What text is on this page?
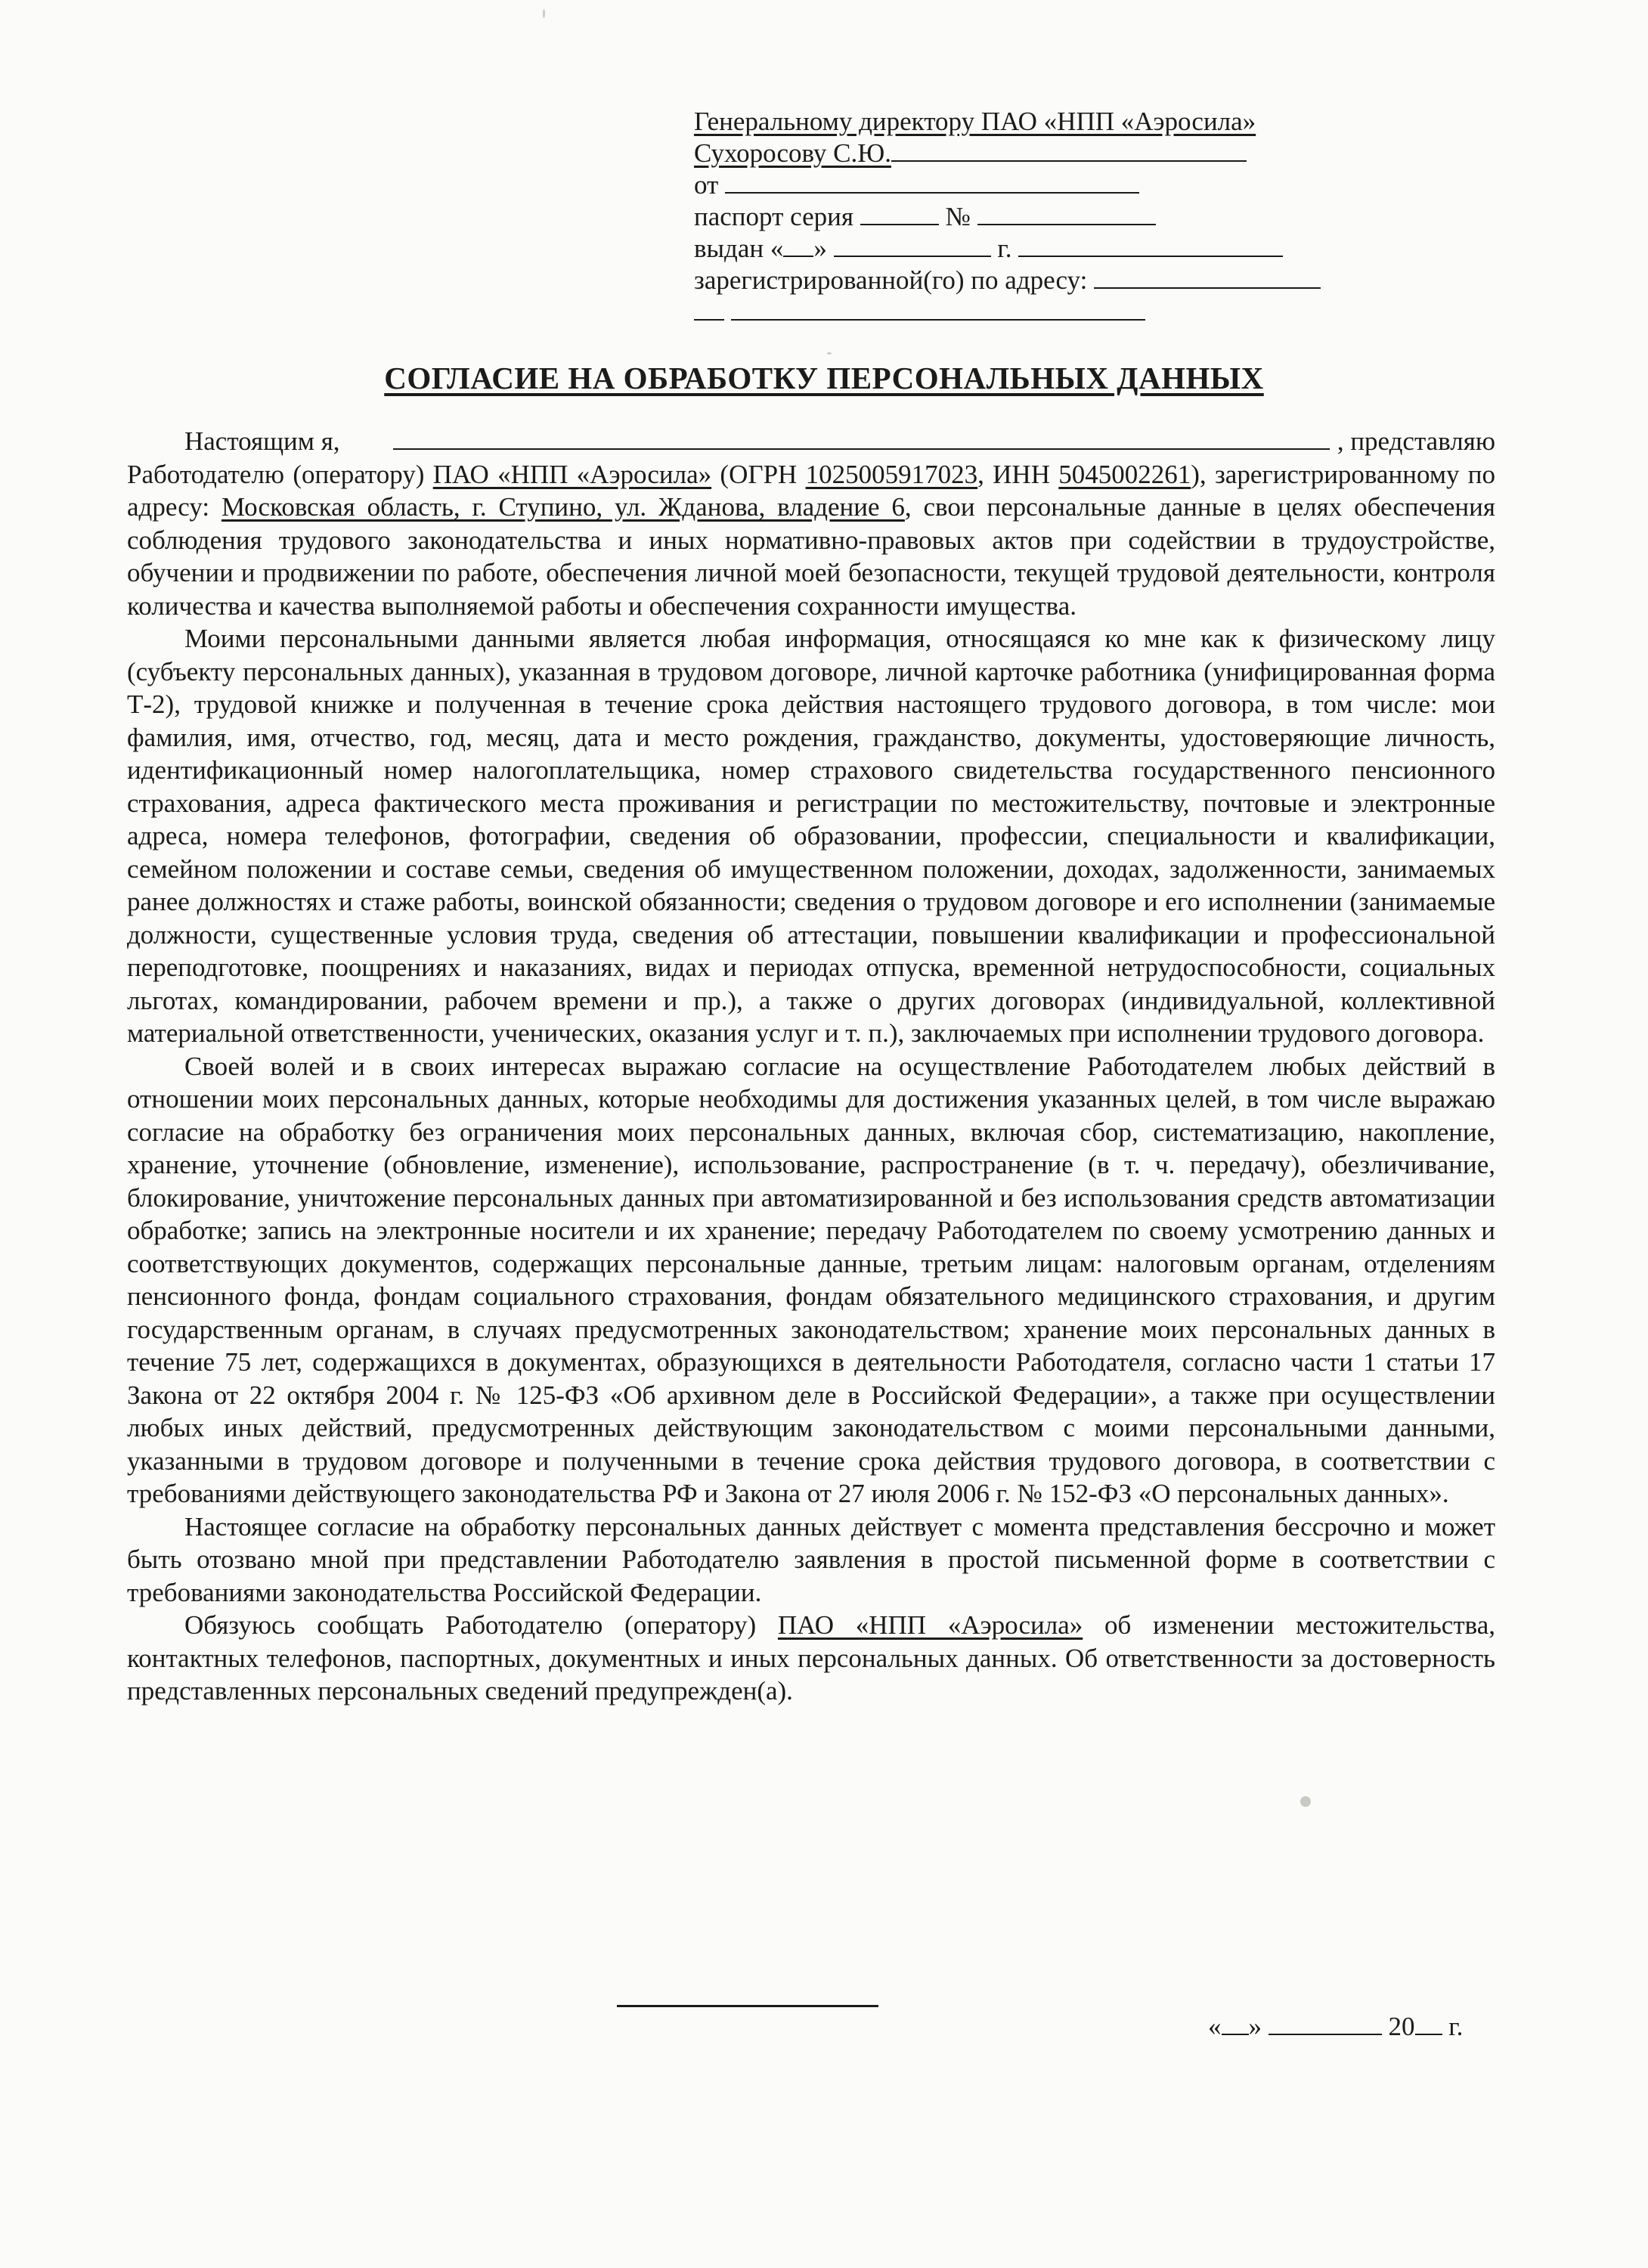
Генеральному директору ПАО «НПП «Аэросила»
Сухоросову С.Ю.
от
паспорт серия	№
выдан « »	г.
зарегистрированной(го) по адресу:

СОГЛАСИЕ НА ОБРАБОТКУ ПЕРСОНАЛЬНЫХ ДАННЫХ

Настоящим я,	, представляю

Работодателю (оператору) ПАО «НПП «Аэросила» (ОГРН 1025005917023, ИНН 5045002261), зарегистрированному по адресу: Московская область, г. Ступино, ул. Жданова, владение 6, свои персональные данные в целях обеспечения соблюдения трудового законодательства и иных нормативно-правовых актов при содействии в трудоустройстве, обучении и продвижении по работе, обеспечения личной моей безопасности, текущей трудовой деятельности, контроля количества и качества выполняемой работы и обеспечения сохранности имущества.

Моими персональными данными является любая информация, относящаяся ко мне как к физическому лицу (субъекту персональных данных), указанная в трудовом договоре, личной карточке работника (унифицированная форма Т-2), трудовой книжке и полученная в течение срока действия настоящего трудового договора, в том числе: мои фамилия, имя, отчество, год, месяц, дата и место рождения, гражданство, документы, удостоверяющие личность, идентификационный номер налогоплательщика, номер страхового свидетельства государственного пенсионного страхования, адреса фактического места проживания и регистрации по местожительству, почтовые и электронные адреса, номера телефонов, фотографии, сведения об образовании, профессии, специальности и квалификации, семейном положении и составе семьи, сведения об имущественном положении, доходах, задолженности, занимаемых ранее должностях и стаже работы, воинской обязанности; сведения о трудовом договоре и его исполнении (занимаемые должности, существенные условия труда, сведения об аттестации, повышении квалификации и профессиональной переподготовке, поощрениях и наказаниях, видах и периодах отпуска, временной нетрудоспособности, социальных льготах, командировании, рабочем времени и пр.), а также о других договорах (индивидуальной, коллективной материальной ответственности, ученических, оказания услуг и т. п.), заключаемых при исполнении трудового договора.

Своей волей и в своих интересах выражаю согласие на осуществление Работодателем любых действий в отношении моих персональных данных, которые необходимы для достижения указанных целей, в том числе выражаю согласие на обработку без ограничения моих персональных данных, включая сбор, систематизацию, накопление, хранение, уточнение (обновление, изменение), использование, распространение (в т. ч. передачу), обезличивание, блокирование, уничтожение персональных данных при автоматизированной и без использования средств автоматизации обработке; запись на электронные носители и их хранение; передачу Работодателем по своему усмотрению данных и соответствующих документов, содержащих персональные данные, третьим лицам: налоговым органам, отделениям пенсионного фонда, фондам социального страхования, фондам обязательного медицинского страхования, и другим государственным органам, в случаях предусмотренных законодательством; хранение моих персональных данных в течение 75 лет, содержащихся в документах, образующихся в деятельности Работодателя, согласно части 1 статьи 17 Закона от 22 октября 2004 г. № 125-ФЗ «Об архивном деле в Российской Федерации», а также при осуществлении любых иных действий, предусмотренных действующим законодательством с моими персональными данными, указанными в трудовом договоре и полученными в течение срока действия трудового договора, в соответствии с требованиями действующего законодательства РФ и Закона от 27 июля 2006 г. № 152-ФЗ «О персональных данных».

Настоящее согласие на обработку персональных данных действует с момента представления бессрочно и может быть отозвано мной при представлении Работодателю заявления в простой письменной форме в соответствии с требованиями законодательства Российской Федерации.

Обязуюсь сообщать Работодателю (оператору) ПАО «НПП «Аэросила» об изменении местожительства, контактных телефонов, паспортных, документных и иных персональных данных. Об ответственности за достоверность представленных персональных сведений предупрежден(а).

« »	20 г.
